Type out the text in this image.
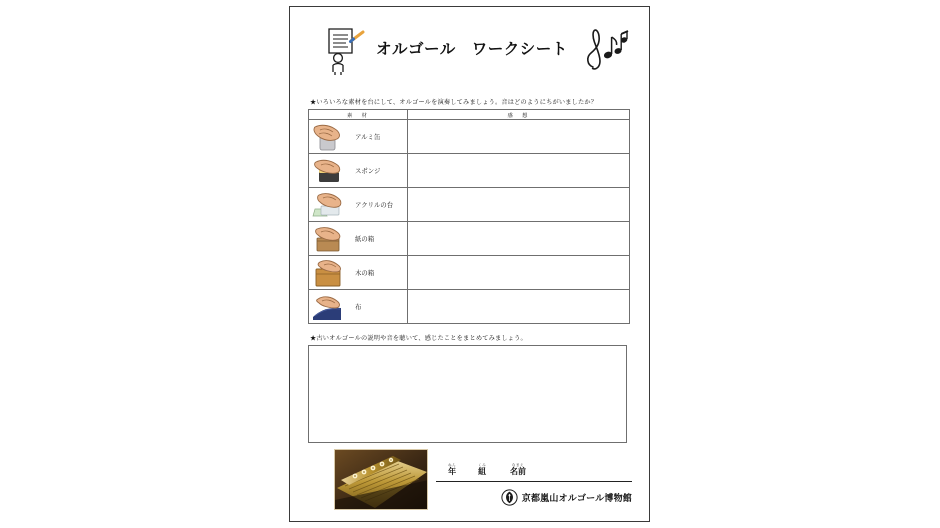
オルゴール　ワークシート
★いろいろな素材を台にして、オルゴールを演奏してみましょう。音はどのようにちがいましたか？
素　材	感　想

アルミ缶	

スポンジ	

アクリルの台	

紙の箱	

木の箱	

布	

★古いオルゴールの説明や音を聴いて、感じたことをまとめてみましょう。
ねん
年
くみ
組
なまえ
名前
京都嵐山オルゴール博物館
